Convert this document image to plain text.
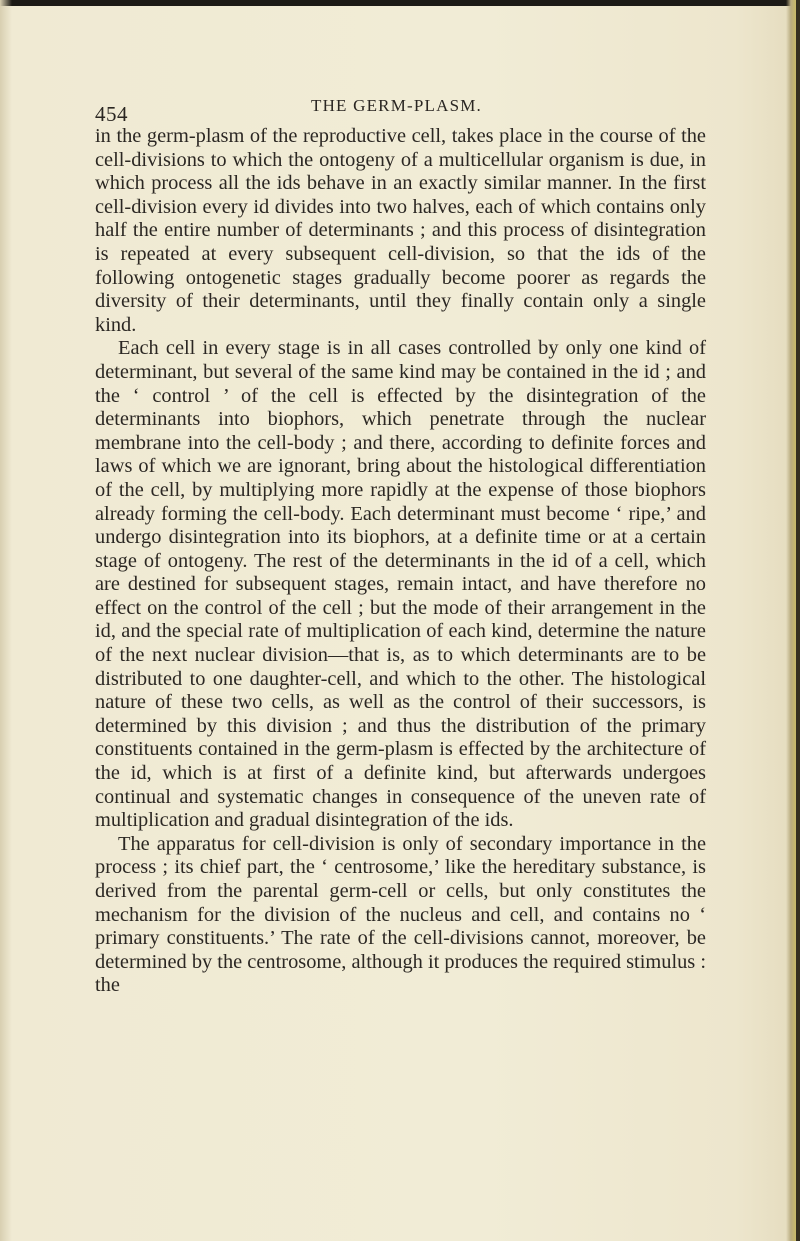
454	THE GERM-PLASM.

in the germ-plasm of the reproductive cell, takes place in the course of the cell-divisions to which the ontogeny of a multicellular organism is due, in which process all the ids behave in an exactly similar manner. In the first cell-division every id divides into two halves, each of which contains only half the entire number of determinants ; and this process of disintegration is repeated at every subsequent cell-division, so that the ids of the following ontogenetic stages gradually become poorer as regards the diversity of their determinants, until they finally contain only a single kind.

Each cell in every stage is in all cases controlled by only one kind of determinant, but several of the same kind may be contained in the id ; and the ‘ control ’ of the cell is effected by the disintegration of the determinants into biophors, which penetrate through the nuclear membrane into the cell-body ; and there, according to definite forces and laws of which we are ignorant, bring about the histological differentiation of the cell, by multiplying more rapidly at the expense of those biophors already forming the cell-body. Each determinant must become ‘ ripe,’ and undergo disintegration into its biophors, at a definite time or at a certain stage of ontogeny. The rest of the determinants in the id of a cell, which are destined for subsequent stages, remain intact, and have therefore no effect on the control of the cell ; but the mode of their arrangement in the id, and the special rate of multiplication of each kind, determine the nature of the next nuclear division—that is, as to which determinants are to be distributed to one daughter-cell, and which to the other. The histological nature of these two cells, as well as the control of their successors, is determined by this division ; and thus the distribution of the primary constituents contained in the germ-plasm is effected by the architecture of the id, which is at first of a definite kind, but afterwards undergoes continual and systematic changes in consequence of the uneven rate of multiplication and gradual disintegration of the ids.

The apparatus for cell-division is only of secondary importance in the process ; its chief part, the ‘ centrosome,’ like the hereditary substance, is derived from the parental germ-cell or cells, but only constitutes the mechanism for the division of the nucleus and cell, and contains no ‘ primary constituents.’ The rate of the cell-divisions cannot, moreover, be determined by the centrosome, although it produces the required stimulus : the
